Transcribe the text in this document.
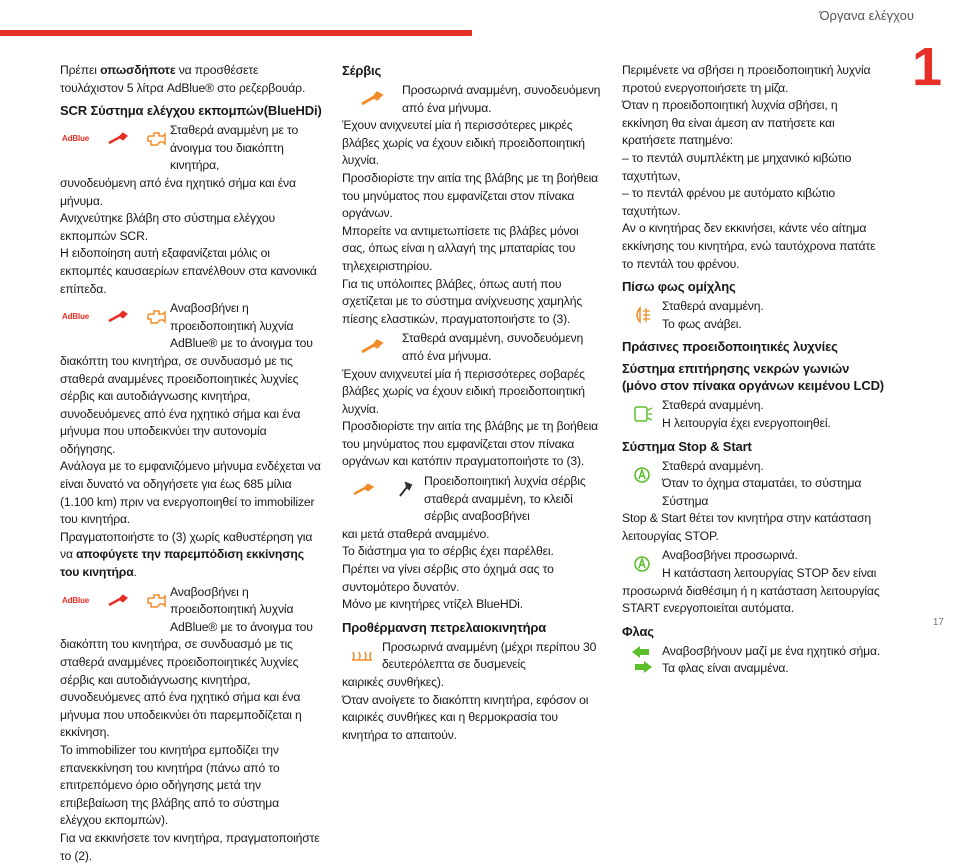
Όργανα ελέγχου
1
17

Πρέπει οπωσδήποτε να προσθέσετε τουλάχιστον 5 λίτρα AdBlue® στο ρεζερβουάρ.

SCR Σύστημα ελέγχου εκπομπών(BlueHDi)
AdBlue
Σταθερά αναμμένη με το άνοιγμα του διακόπτη κινητήρα,

συνοδευόμενη από ένα ηχητικό σήμα και ένα μήνυμα.

Ανιχνεύτηκε βλάβη στο σύστημα ελέγχου εκπομπών SCR.

Η ειδοποίηση αυτή εξαφανίζεται μόλις οι εκπομπές καυσαερίων επανέλθουν στα κανονικά επίπεδα.

AdBlue
Αναβοσβήνει η προειδοποιητική λυχνία AdBlue® με το άνοιγμα του

διακόπτη του κινητήρα, σε συνδυασμό με τις σταθερά αναμμένες προειδοποιητικές λυχνίες σέρβις και αυτοδιάγνωσης κινητήρα, συνοδευόμενες από ένα ηχητικό σήμα και ένα μήνυμα που υποδεικνύει την αυτονομία οδήγησης.

Ανάλογα με το εμφανιζόμενο μήνυμα ενδέχεται να είναι δυνατό να οδηγήσετε για έως 685 μίλια (1.100 km) πριν να ενεργοποιηθεί το immobilizer του κινητήρα.

Πραγματοποιήστε το (3) χωρίς καθυστέρηση για να αποφύγετε την παρεμπόδιση εκκίνησης του κινητήρα.

AdBlue
Αναβοσβήνει η προειδοποιητική λυχνία AdBlue® με το άνοιγμα του

διακόπτη του κινητήρα, σε συνδυασμό με τις σταθερά αναμμένες προειδοποιητικές λυχνίες σέρβις και αυτοδιάγνωσης κινητήρα, συνοδευόμενες από ένα ηχητικό σήμα και ένα μήνυμα που υποδεικνύει ότι παρεμποδίζεται η εκκίνηση.

Το immobilizer του κινητήρα εμποδίζει την επανεκκίνηση του κινητήρα (πάνω από το επιτρεπόμενο όριο οδήγησης μετά την επιβεβαίωση της βλάβης από το σύστημα ελέγχου εκπομπών).

Για να εκκινήσετε τον κινητήρα, πραγματοποιήστε το (2).

Σέρβις
Προσωρινά αναμμένη, συνοδευόμενη από ένα μήνυμα.

Έχουν ανιχνευτεί μία ή περισσότερες μικρές βλάβες χωρίς να έχουν ειδική προειδοποιητική λυχνία.

Προσδιορίστε την αιτία της βλάβης με τη βοήθεια του μηνύματος που εμφανίζεται στον πίνακα οργάνων.

Μπορείτε να αντιμετωπίσετε τις βλάβες μόνοι σας, όπως είναι η αλλαγή της μπαταρίας του τηλεχειριστηρίου.

Για τις υπόλοιπες βλάβες, όπως αυτή που σχετίζεται με το σύστημα ανίχνευσης χαμηλής πίεσης ελαστικών, πραγματοποιήστε το (3).

Σταθερά αναμμένη, συνοδευόμενη από ένα μήνυμα.

Έχουν ανιχνευτεί μία ή περισσότερες σοβαρές βλάβες χωρίς να έχουν ειδική προειδοποιητική λυχνία.

Προσδιορίστε την αιτία της βλάβης με τη βοήθεια του μηνύματος που εμφανίζεται στον πίνακα οργάνων και κατόπιν πραγματοποιήστε το (3).

Προειδοποιητική λυχνία σέρβις σταθερά αναμμένη, το κλειδί σέρβις αναβοσβήνει

και μετά σταθερά αναμμένο.

Το διάστημα για το σέρβις έχει παρέλθει.

Πρέπει να γίνει σέρβις στο όχημά σας το συντομότερο δυνατόν.

Μόνο με κινητήρες ντίζελ BlueHDi.

Προθέρμανση πετρελαιοκινητήρα
Προσωρινά αναμμένη (μέχρι περίπου 30 δευτερόλεπτα σε δυσμενείς

καιρικές συνθήκες).

Όταν ανοίγετε το διακόπτη κινητήρα, εφόσον οι καιρικές συνθήκες και η θερμοκρασία του κινητήρα το απαιτούν.

Περιμένετε να σβήσει η προειδοποιητική λυχνία προτού ενεργοποιήσετε τη μίζα.

Όταν η προειδοποιητική λυχνία σβήσει, η εκκίνηση θα είναι άμεση αν πατήσετε και κρατήσετε πατημένο:

– το πεντάλ συμπλέκτη με μηχανικό κιβώτιο ταχυτήτων,

– το πεντάλ φρένου με αυτόματο κιβώτιο ταχυτήτων.

Αν ο κινητήρας δεν εκκινήσει, κάντε νέο αίτημα εκκίνησης του κινητήρα, ενώ ταυτόχρονα πατάτε το πεντάλ του φρένου.

Πίσω φως ομίχλης

Σταθερά αναμμένη.

Το φως ανάβει.

Πράσινες προειδοποιητικές λυχνίες
Σύστημα επιτήρησης νεκρών γωνιών (μόνο στον πίνακα οργάνων κειμένου LCD)

Σταθερά αναμμένη.

Η λειτουργία έχει ενεργοποιηθεί.

Σύστημα Stop & Start

Σταθερά αναμμένη.

Όταν το όχημα σταματάει, το σύστημα Σύστημα

Stop & Start θέτει τον κινητήρα στην κατάσταση λειτουργίας STOP.

Αναβοσβήνει προσωρινά.

Η κατάσταση λειτουργίας STOP δεν είναι

προσωρινά διαθέσιμη ή η κατάσταση λειτουργίας START ενεργοποιείται αυτόματα.

Φλας

Αναβοσβήνουν μαζί με ένα ηχητικό σήμα.

Τα φλας είναι αναμμένα.
